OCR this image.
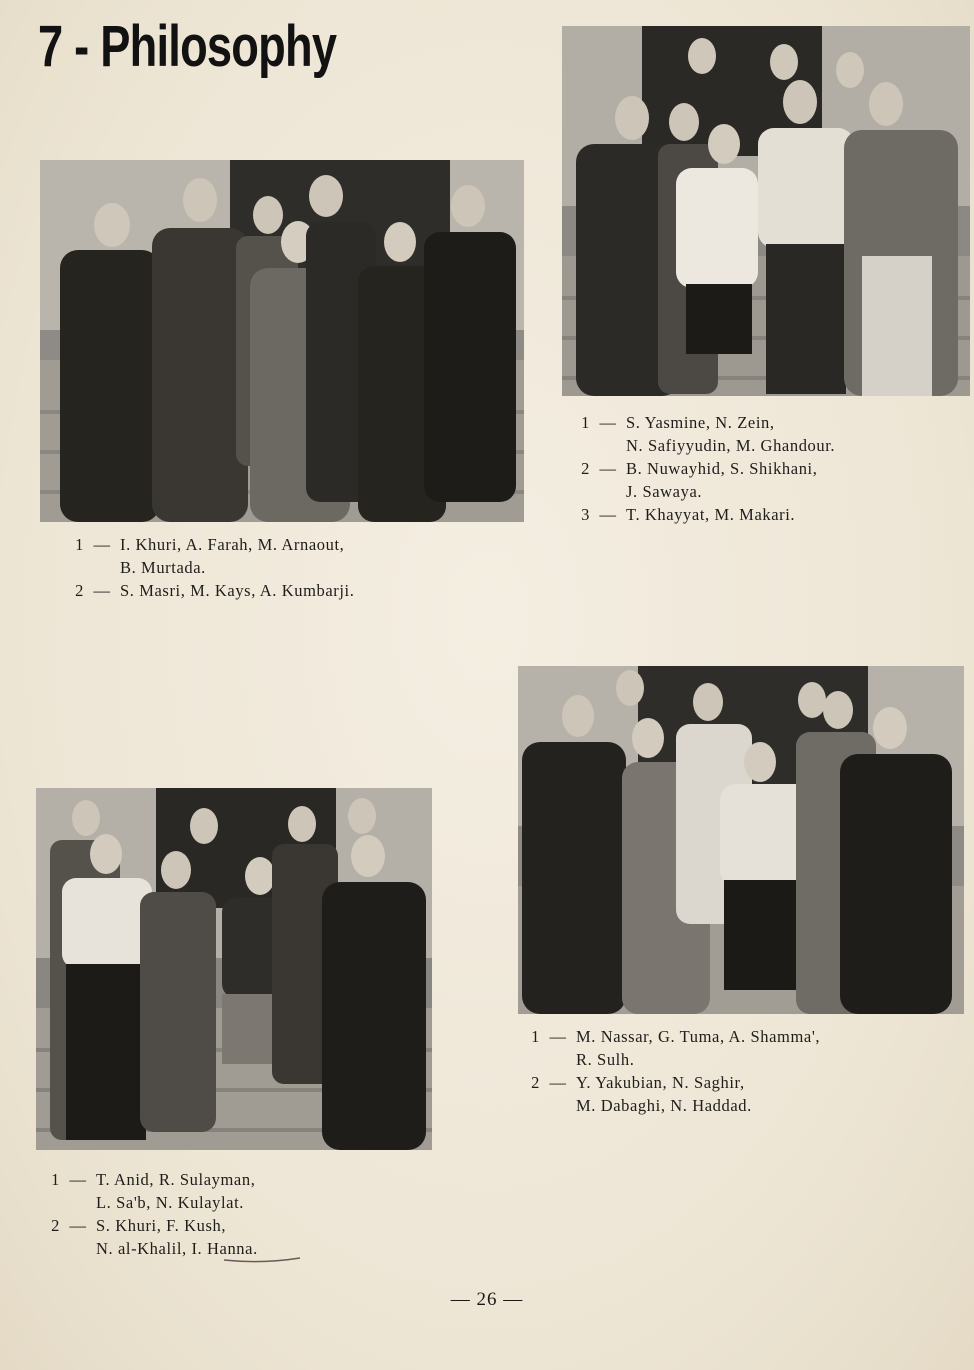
7 - Philosophy
1 — I. Khuri, A. Farah, M. Arnaout,
B. Murtada.
2 — S. Masri, M. Kays, A. Kumbarji.
1 — S. Yasmine, N. Zein,
N. Safiyyudin, M. Ghandour.
2 — B. Nuwayhid, S. Shikhani,
J. Sawaya.
3 — T. Khayyat, M. Makari.
1 — M. Nassar, G. Tuma, A. Shamma',
R. Sulh.
2 — Y. Yakubian, N. Saghir,
M. Dabaghi, N. Haddad.
1 — T. Anid, R. Sulayman,
L. Sa'b, N. Kulaylat.
2 — S. Khuri, F. Kush,
N. al-Khalil, I. Hanna.
— 26 —
